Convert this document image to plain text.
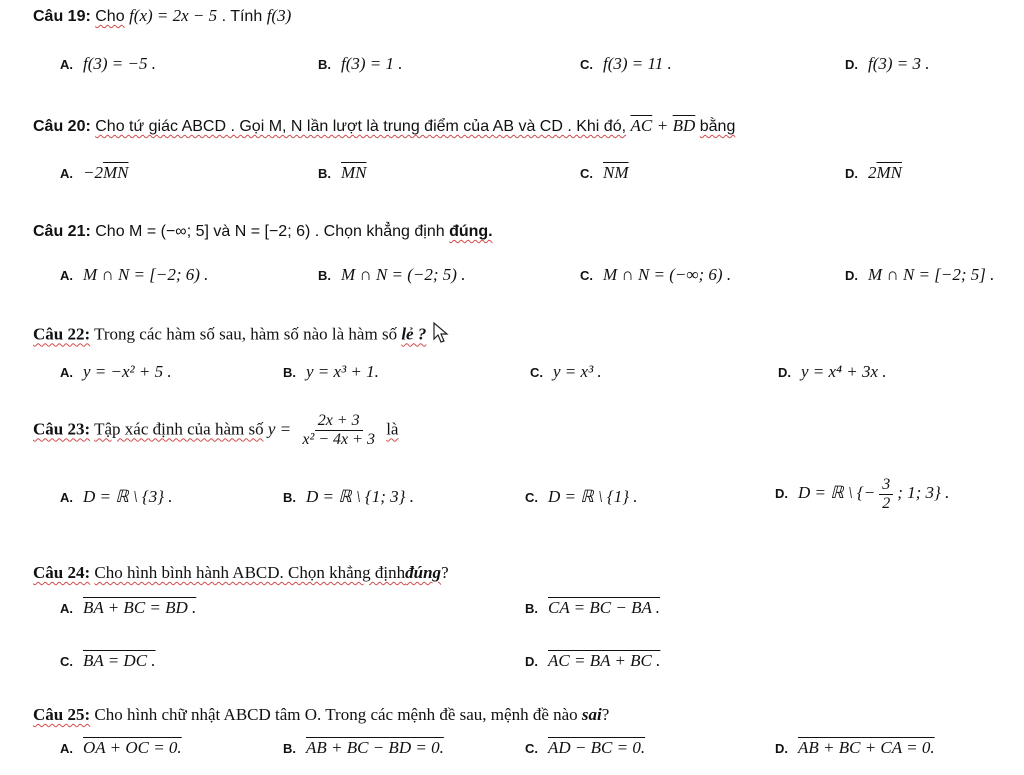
Câu 19: Cho f(x) = 2x − 5 . Tính f(3)
A. f(3) = −5 .	B. f(3) = 1 .	C. f(3) = 11 .	D. f(3) = 3 .
Câu 20: Cho tứ giác ABCD . Gọi M, N lần lượt là trung điểm của AB và CD . Khi đó, $\overline{AC} + \overline{BD}$ bằng
A. $-2\overline{MN}$	B. $\overline{MN}$	C. $\overline{NM}$	D. $2\overline{MN}$
Câu 21: Cho M = (−∞; 5] và N = [−2; 6) . Chọn khẳng định đúng.
A. M ∩ N = [−2; 6) .	B. M ∩ N = (−2; 5) .	C. M ∩ N = (−∞; 6) .	D. M ∩ N = [−2; 5] .
Câu 22: Trong các hàm số sau, hàm số nào là hàm số lẻ ?
A. y = −x² + 5 .	B. y = x³ + 1.	C. y = x³ .	D. y = x⁴ + 3x .
Câu 23: Tập xác định của hàm số $y = \frac{2x + 3}{\text{x² − 4x + 3}}$ là
A. D = ℝ \ {3} .	B. D = ℝ \ {1; 3} .	C. D = ℝ \ {1} .	D. D = ℝ \ {− $\frac{3}{2}$ ; 1; 3} .
Câu 24: Cho hình bình hành ABCD. Chọn khẳng địnhđúng?
A. BA + BC = BD .	B. CA = BC − BA .
C. BA = DC .	D. AC = BA + BC .
Câu 25: Cho hình chữ nhật ABCD tâm O. Trong các mệnh đề sau, mệnh đề nào sai?
A. OA + OC = 0.	B. AB + BC − BD = 0.	C. AD − BC = 0.	D. AB + BC + CA = 0.
